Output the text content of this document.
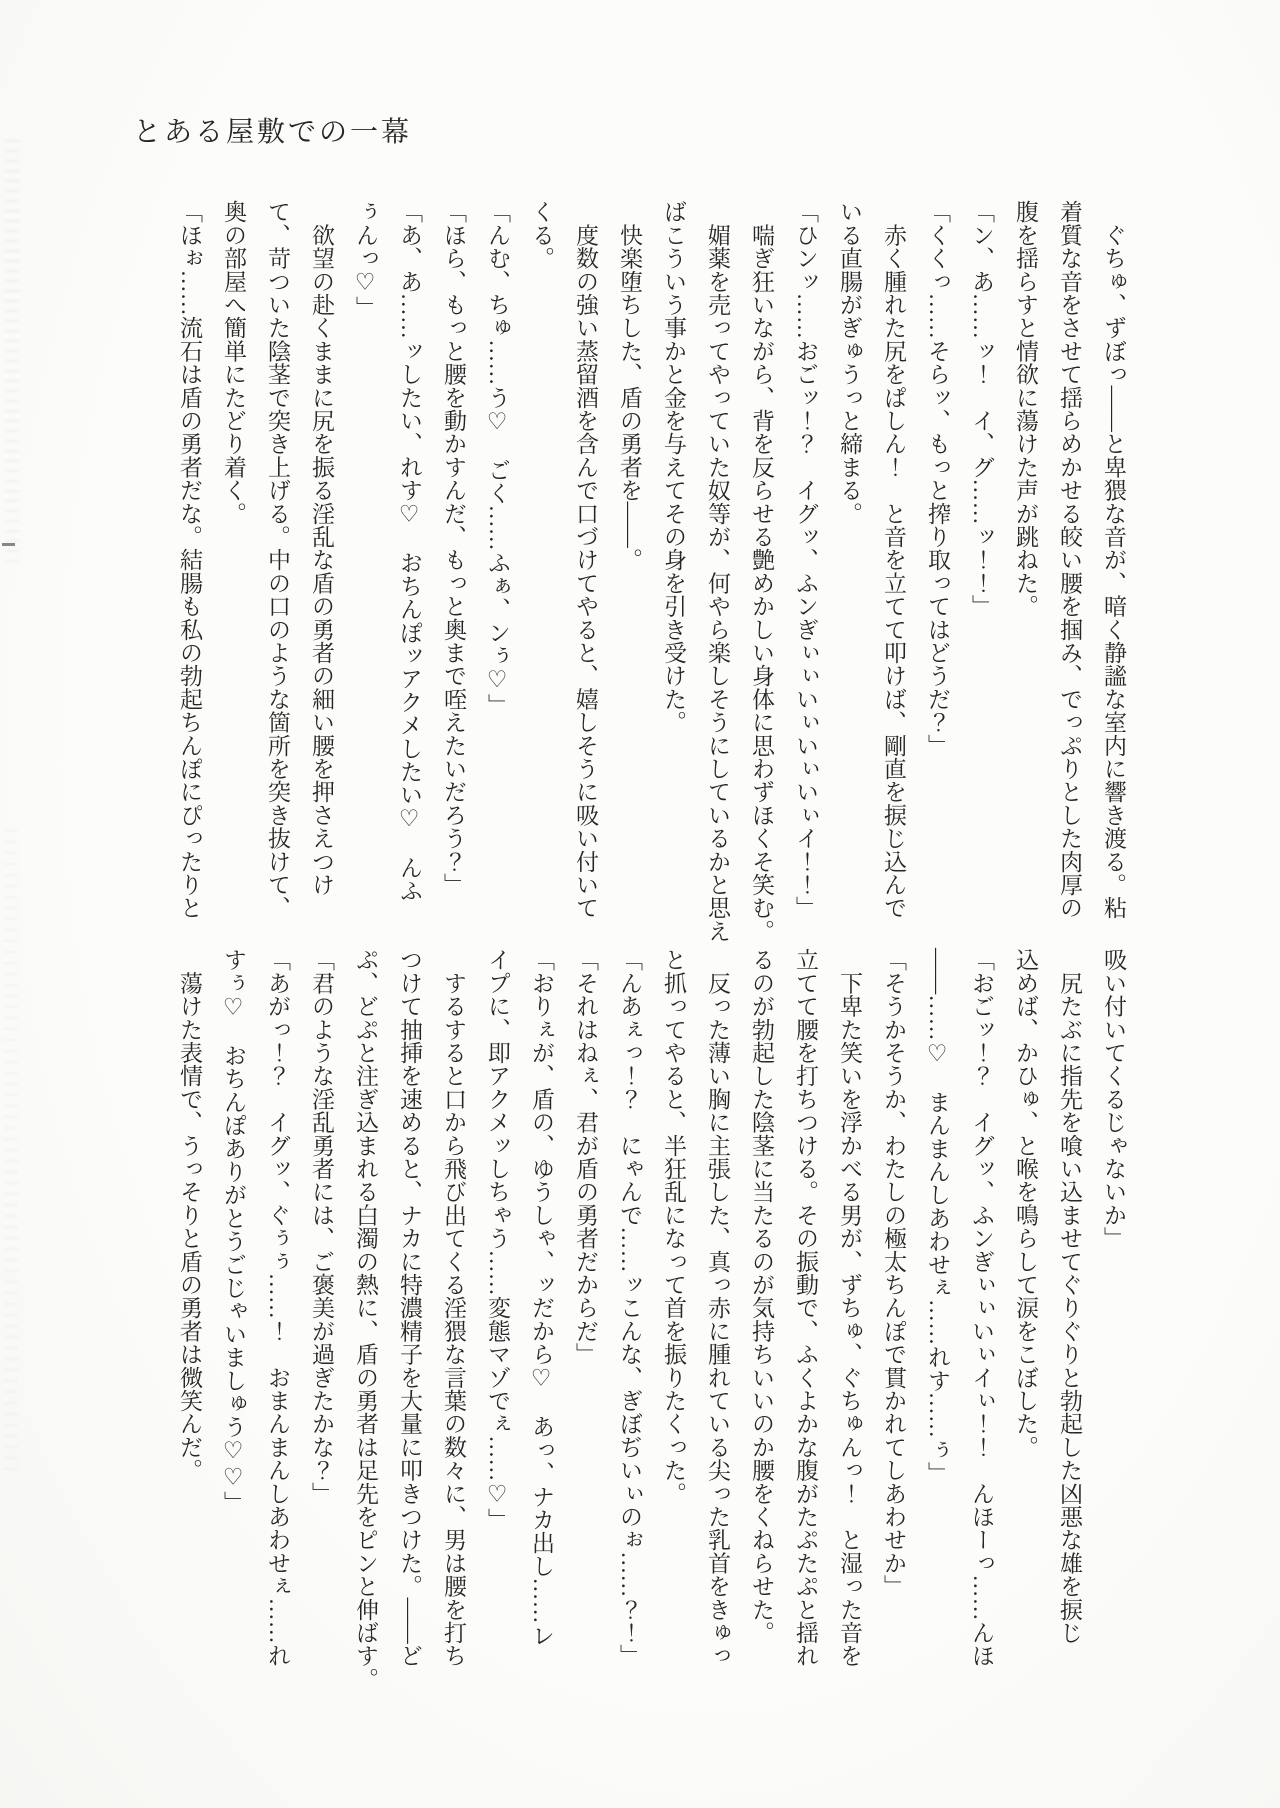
とある屋敷での一幕
　ぐちゅ、ずぼっ――と卑猥な音が、暗く静謐な室内に響き渡る。粘
着質な音をさせて揺らめかせる皎い腰を掴み、でっぷりとした肉厚の
腹を揺らすと情欲に蕩けた声が跳ねた。
「ン、あ……ッ！　イ、グ……ッ！！」
「くくっ……そらッ、もっと搾り取ってはどうだ？」
　赤く腫れた尻をぱしん！　と音を立てて叩けば、剛直を捩じ込んで
いる直腸がぎゅうっと締まる。
「ひンッ……おごッ！？　イグッ、ふンぎぃぃいぃいぃいぃイ！！」
　喘ぎ狂いながら、背を反らせる艶めかしい身体に思わずほくそ笑む。
　媚薬を売ってやっていた奴等が、何やら楽しそうにしているかと思え
ばこういう事かと金を与えてその身を引き受けた。
　快楽堕ちした、盾の勇者を――。
　度数の強い蒸留酒を含んで口づけてやると、嬉しそうに吸い付いて
くる。
「んむ、ちゅ……う♡　ごく……ふぁ、ンぅ♡」
「ほら、もっと腰を動かすんだ、もっと奥まで咥えたいだろう？」
「あ、あ……ッしたい、れす♡　おちんぽッアクメしたい♡　んふ
ぅんっ♡」
　欲望の赴くままに尻を振る淫乱な盾の勇者の細い腰を押さえつけ
て、苛ついた陰茎で突き上げる。中の口のような箇所を突き抜けて、
奥の部屋へ簡単にたどり着く。
「ほぉ……流石は盾の勇者だな。結腸も私の勃起ちんぽにぴったりと
吸い付いてくるじゃないか」
　尻たぶに指先を喰い込ませてぐりぐりと勃起した凶悪な雄を捩じ
込めば、かひゅ、と喉を鳴らして涙をこぼした。
「おごッ！？　イグッ、ふンぎぃぃいぃイぃ！！　んほーっ……んほ
――……♡　まんまんしあわせぇ……れす……ぅ」
「そうかそうか、わたしの極太ちんぽで貫かれてしあわせか」
　下卑た笑いを浮かべる男が、ずちゅ、ぐちゅんっ！　と湿った音を
立てて腰を打ちつける。その振動で、ふくよかな腹がたぷたぷと揺れ
るのが勃起した陰茎に当たるのが気持ちいいのか腰をくねらせた。
　反った薄い胸に主張した、真っ赤に腫れている尖った乳首をきゅっ
と抓ってやると、半狂乱になって首を振りたくった。
「んあぇっ！？　にゃんで……ッこんな、ぎぼぢいぃのぉ……？！」
「それはねぇ、君が盾の勇者だからだ」
「おりぇが、盾の、ゆうしゃ、ッだから♡　あっ、ナカ出し……レ
イプに、即アクメッしちゃう……変態マゾでぇ……♡」
　するすると口から飛び出てくる淫猥な言葉の数々に、男は腰を打ち
つけて抽挿を速めると、ナカに特濃精子を大量に叩きつけた。――ど
ぷ、どぷと注ぎ込まれる白濁の熱に、盾の勇者は足先をピンと伸ばす。
「君のような淫乱勇者には、ご褒美が過ぎたかな？」
「あがっ！？　イグッ、ぐぅぅ……！　おまんまんしあわせぇ……れ
すぅ♡　おちんぽありがとうごじゃいましゅう♡♡」
　蕩けた表情で、うっそりと盾の勇者は微笑んだ。
